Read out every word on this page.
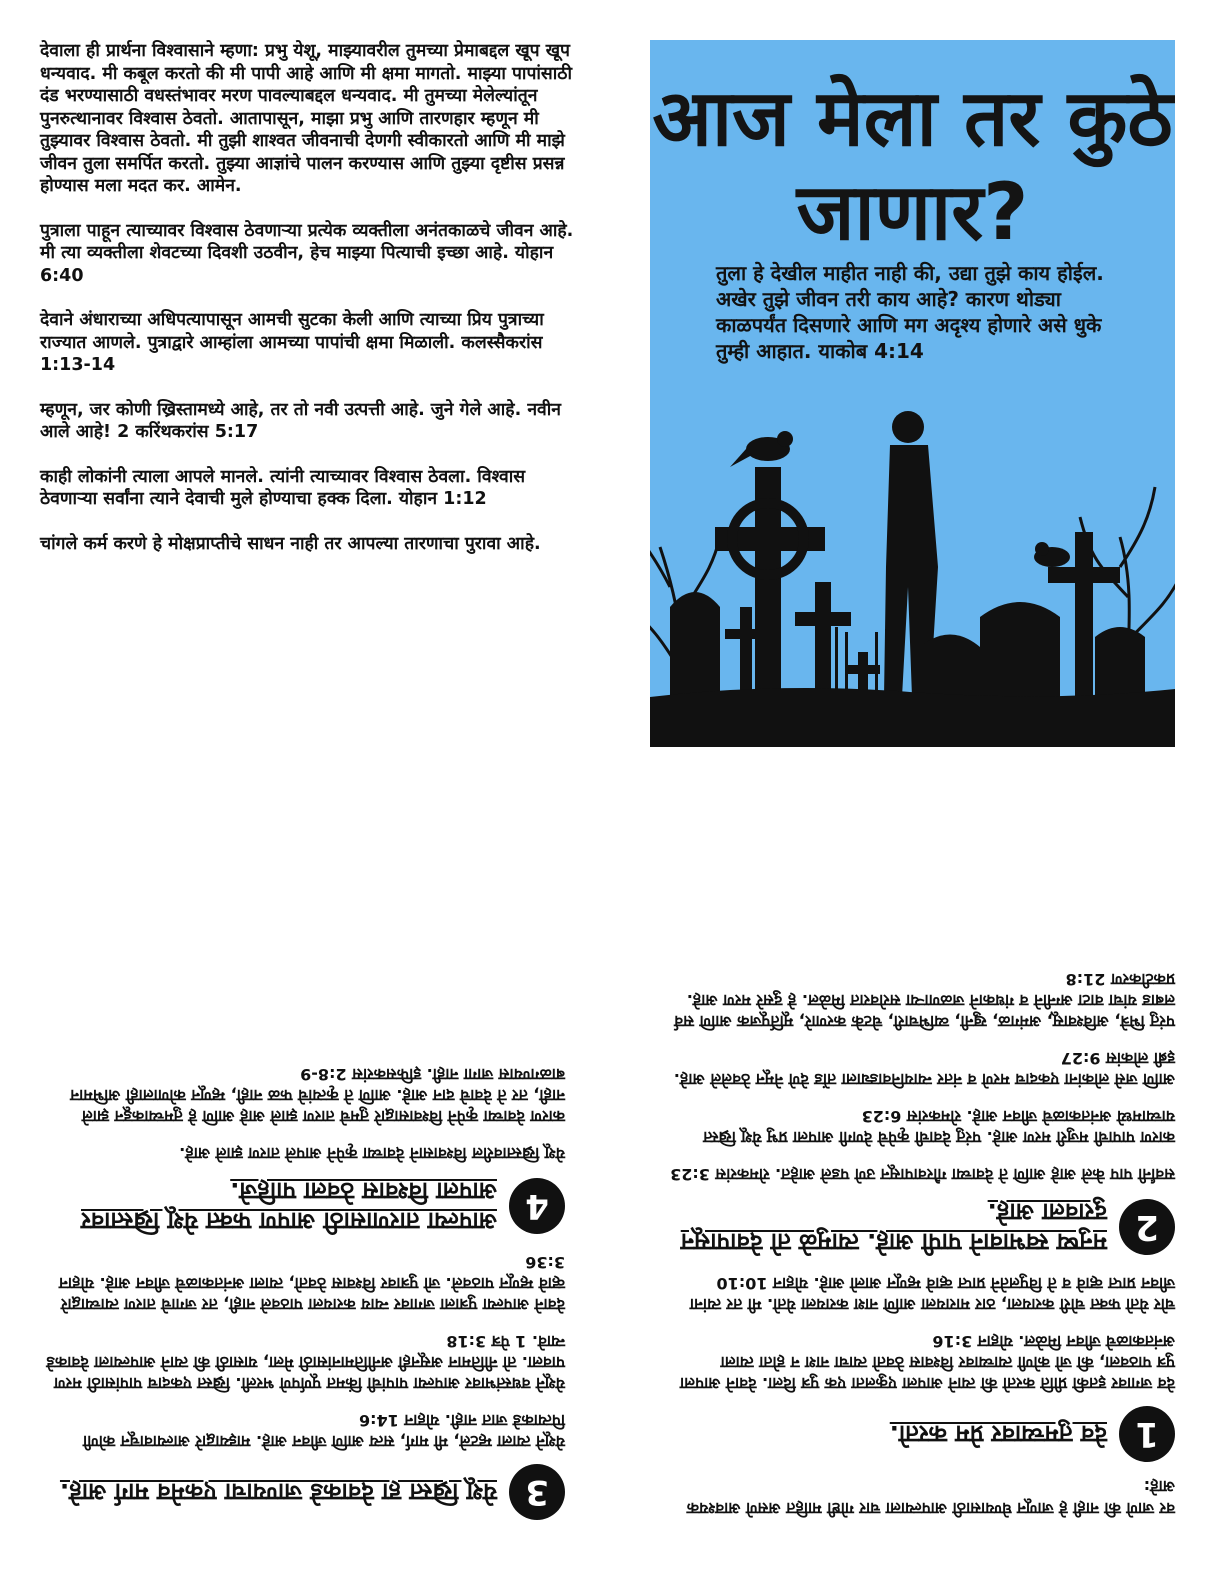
देवाला ही प्रार्थना विश्वासाने म्हणा: प्रभु येशू, माझ्यावरील तुमच्या प्रेमाबद्दल खूप खूप धन्यवाद. मी कबूल करतो की मी पापी आहे आणि मी क्षमा मागतो. माझ्या पापांसाठी दंड भरण्यासाठी वधस्तंभावर मरण पावल्याबद्दल धन्यवाद. मी तुमच्या मेलेल्यांतून पुनरुत्थानावर विश्वास ठेवतो. आतापासून, माझा प्रभु आणि तारणहार म्हणून मी तुझ्यावर विश्वास ठेवतो. मी तुझी शाश्वत जीवनाची देणगी स्वीकारतो आणि मी माझे जीवन तुला समर्पित करतो. तुझ्या आज्ञांचे पालन करण्यास आणि तुझ्या दृष्टीस प्रसन्न होण्यास मला मदत कर. आमेन.

पुत्राला पाहून त्याच्यावर विश्वास ठेवणाऱ्या प्रत्येक व्यक्तीला अनंतकाळचे जीवन आहे. मी त्या व्यक्तीला शेवटच्या दिवशी उठवीन, हेच माझ्या पित्याची इच्छा आहे. योहान 6:40

देवाने अंधाराच्या अधिपत्यापासून आमची सुटका केली आणि त्याच्या प्रिय पुत्राच्या राज्यात आणले. पुत्राद्वारे आम्हांला आमच्या पापांची क्षमा मिळाली. कलस्सैकरांस 1:13-14

म्हणून, जर कोणी ख्रिस्तामध्ये आहे, तर तो नवी उत्पत्ती आहे. जुने गेले आहे. नवीन आले आहे! 2 करिंथकरांस 5:17

काही लोकांनी त्याला आपले मानले. त्यांनी त्याच्यावर विश्वास ठेवला. विश्वास ठेवणाऱ्या सर्वांना त्याने देवाची मुले होण्याचा हक्क दिला. योहान 1:12

चांगले कर्म करणे हे मोक्षप्राप्तीचे साधन नाही तर आपल्या तारणाचा पुरावा आहे.

आज मेला तर कुठे जाणार?
तुला हे देखील माहीत नाही की, उद्या तुझे काय होईल. अखेर तुझे जीवन तरी काय आहे? कारण थोड्या काळपर्यंत दिसणारे आणि मग अदृश्य होणारे असे धुके तुम्ही आहात. याकोब 4:14
3
येशू ख्रिस्त हा देवाकडे जाण्याचा एकमेव मार्ग आहे.

येशूने त्याला म्हटले, मी मार्ग, सत्य आणि जीवन आहे. माझ्याद्वारे आल्यावाचून कोणी पित्याकडे जात नाही. योहान 14:6

येशूने वधस्तंभावर आपल्या पापांची किंमत पूर्णपणे भरली. ख्रिस्त एकदाच पापांसाठी मरण पावला. तो नीतिमान असूनही अनीतिमानांसाठी मेला, यासाठी की त्याने आपल्याला देवाकडे न्यावे. 1 पेत्र 3:18

देवाने आपल्या पुत्राला जगावर न्याय करायला पाठवले नाही, तर जगाचे तारण त्याच्याद्वारे व्हावे म्हणून पाठवले. जो पुत्रावर विश्वास ठेवतो, त्याला अनंतकाळचे जीवन आहे. योहान 3:36

4
आपल्या तारणासाठी आपण फक्त येशू ख्रिस्तावर आपला विश्वास ठेवला पाहिजे.

येशू ख्रिस्तावरील विश्वासाने देवाच्या कृपेने आपले तारण झाले आहे.

कारण देवाच्या कृपेने विश्वासाद्वारे तुमचे तारण झाले आहे आणि हे तुमच्याकडून झाले नाही, तर ते देवाचे दान आहे. आणि ते कृत्यांचे फळ नाही, म्हणून कोणालाही अभिमान बाळगण्यास जागा नाही. इफिसकरांस 2:8-9

वर जाणे की नाही हे जाणून घेण्यासाठी आपल्याला चार गोष्टी माहित असणे आवश्यक आहे:
1
देव तुमच्यावर प्रेम करतो.

देव जगावर इतकी प्रीति करतो की त्याने आपला एकुलता एक पुत्र दिला. देवाने आपला पुत्र पाठवला, की जो कोणी त्याच्यावर विश्वास ठेवतो त्याचा नाश न होता त्याला अनंतकाळचे जीवन मिळेल. योहान 3:16

चोर येतो फक्त चोरी करायला, ठार मारायला आणि नाश करायला येतो. मी तर त्यांना जीवन प्राप्त व्हावे व ते विपुलतेने प्राप्त व्हावे म्हणून आलो आहे. योहान 10:10

2
मनुष्य स्वभावाने पापी आहे. त्यामुळे तो देवापासून दुरावला आहे.

सर्वांनी पाप केले आहे आणि ते देवाच्या गौरवापासून उणे पडले आहेत. रोमकरांस 3:23

कारण पापाची मजुरी मरण आहे. परंतु देवाची कृपेचे देणगी आपला प्रभु येशू ख्रिस्त याच्यामध्ये अनंतकाळचे जीवन आहे. रोमकरांस 6:23

आणि जसे लोकांना एकदाच मरणे व नंतर न्यायनिवाड्याला तोंड देणे नेमून ठेवलेले आहे. इब्री लोकांस 9:27

परंतु भित्रे, अविश्वासू, अमंगळ, खुनी, व्यभिचारी, चेटके करणारे, मूर्तिपूजक आणि सर्व लबाड यांचा वाटा अग्नीने व गंधकाने जळणाऱ्या सरोवरात मिळेल. हे दुसरे मरण आहे. प्रकटीकरण 21:8
